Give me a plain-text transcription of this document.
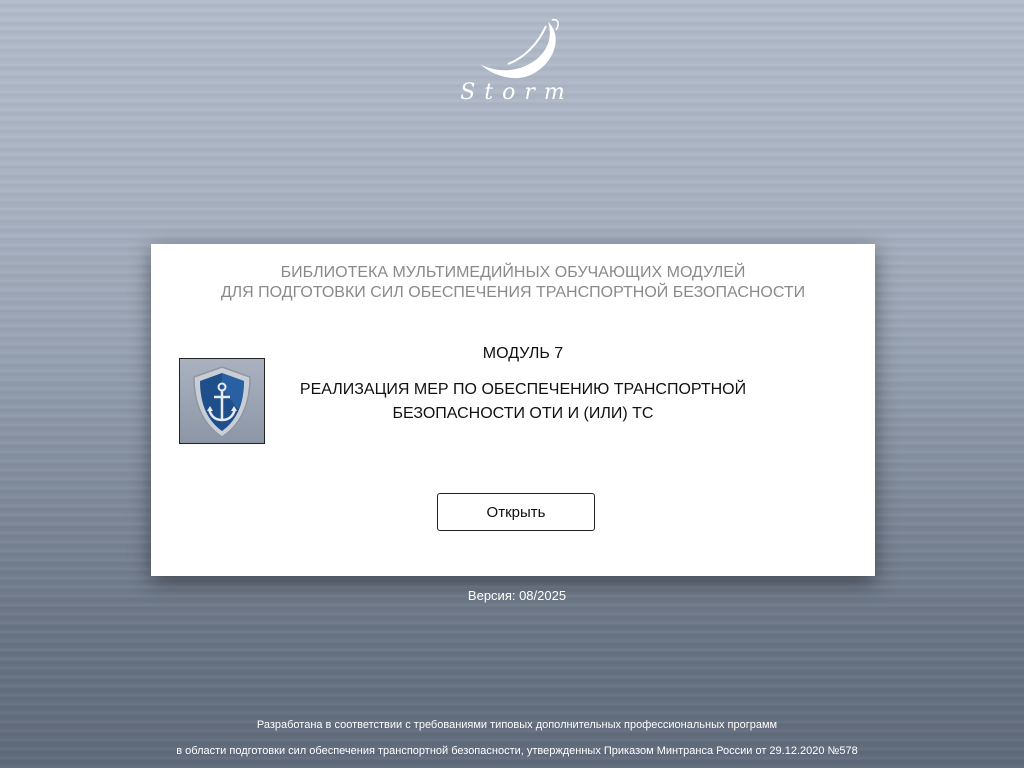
Storm
БИБЛИОТЕКА МУЛЬТИМЕДИЙНЫХ ОБУЧАЮЩИХ МОДУЛЕЙ
ДЛЯ ПОДГОТОВКИ СИЛ ОБЕСПЕЧЕНИЯ ТРАНСПОРТНОЙ БЕЗОПАСНОСТИ
МОДУЛЬ 7
РЕАЛИЗАЦИЯ МЕР ПО ОБЕСПЕЧЕНИЮ ТРАНСПОРТНОЙ
БЕЗОПАСНОСТИ ОТИ И (ИЛИ) ТС
Открыть
Версия: 08/2025
Разработана в соответствии с требованиями типовых дополнительных профессиональных программ
в области подготовки сил обеспечения транспортной безопасности, утвержденных Приказом Минтранса России от 29.12.2020 №578
